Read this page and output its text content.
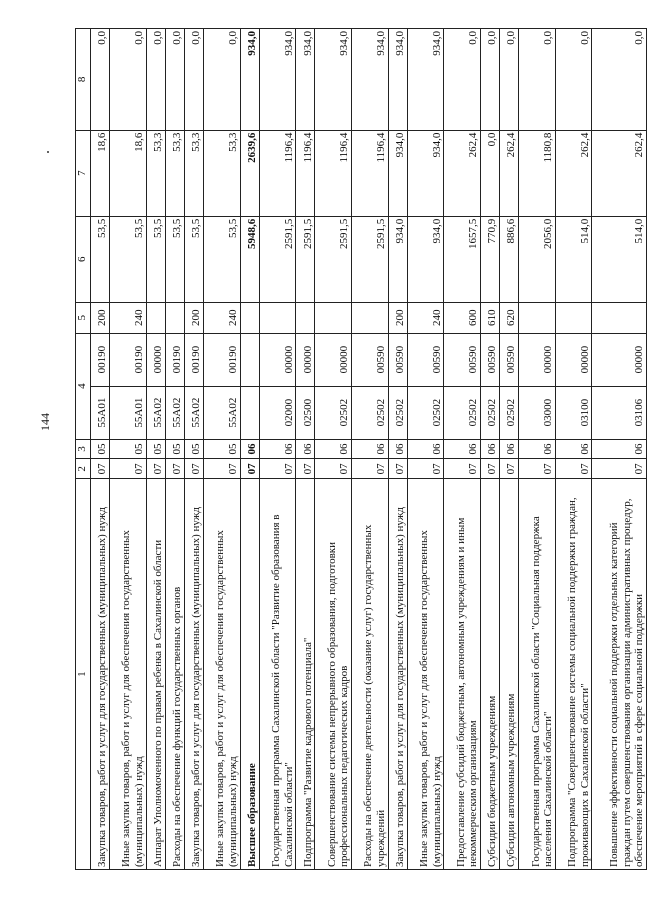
144
1	2	3	4		5	6	7	8
Закупка товаров, работ и услуг для государственных (муниципальных) нужд	07	05	55А01	00190	200	53,5	18,6	0,0
Иные закупки товаров, работ и услуг для обеспечения государственных (муниципальных) нужд	07	05	55А01	00190	240	53,5	18,6	0,0
Аппарат Уполномоченного по правам ребенка в Сахалинской области	07	05	55А02	00000		53,5	53,3	0,0
Расходы на обеспечение функций государственных органов	07	05	55А02	00190		53,5	53,3	0,0
Закупка товаров, работ и услуг для государственных (муниципальных) нужд	07	05	55А02	00190	200	53,5	53,3	0,0
Иные закупки товаров, работ и услуг для обеспечения государственных (муниципальных) нужд	07	05	55А02	00190	240	53,5	53,3	0,0
Высшее образование	07	06				5948,6	2639,6	934,0
Государственная программа Сахалинской области "Развитие образования в Сахалинской области"	07	06	02000	00000		2591,5	1196,4	934,0
Подпрограмма "Развитие кадрового потенциала"	07	06	02500	00000		2591,5	1196,4	934,0
Совершенствование системы непрерывного образования, подготовки профессиональных педагогических кадров	07	06	02502	00000		2591,5	1196,4	934,0
Расходы на обеспечение деятельности (оказание услуг) государственных учреждений	07	06	02502	00590		2591,5	1196,4	934,0
Закупка товаров, работ и услуг для государственных (муниципальных) нужд	07	06	02502	00590	200	934,0	934,0	934,0
Иные закупки товаров, работ и услуг для обеспечения государственных (муниципальных) нужд	07	06	02502	00590	240	934,0	934,0	934,0
Предоставление субсидий бюджетным, автономным учреждениям и иным некоммерческим организациям	07	06	02502	00590	600	1657,5	262,4	0,0
Субсидии бюджетным учреждениям	07	06	02502	00590	610	770,9	0,0	0,0
Субсидии автономным учреждениям	07	06	02502	00590	620	886,6	262,4	0,0
Государственная программа Сахалинской области "Социальная поддержка населения Сахалинской области"	07	06	03000	00000		2056,0	1180,8	0,0
Подпрограмма "Совершенствование системы социальной поддержки граждан, проживающих в Сахалинской области"	07	06	03100	00000		514,0	262,4	0,0
Повышение эффективности социальной поддержки отдельных категорий граждан путем совершенствования организации административных процедур, обеспечение мероприятий в сфере социальной поддержки	07	06	03106	00000		514,0	262,4	0,0
